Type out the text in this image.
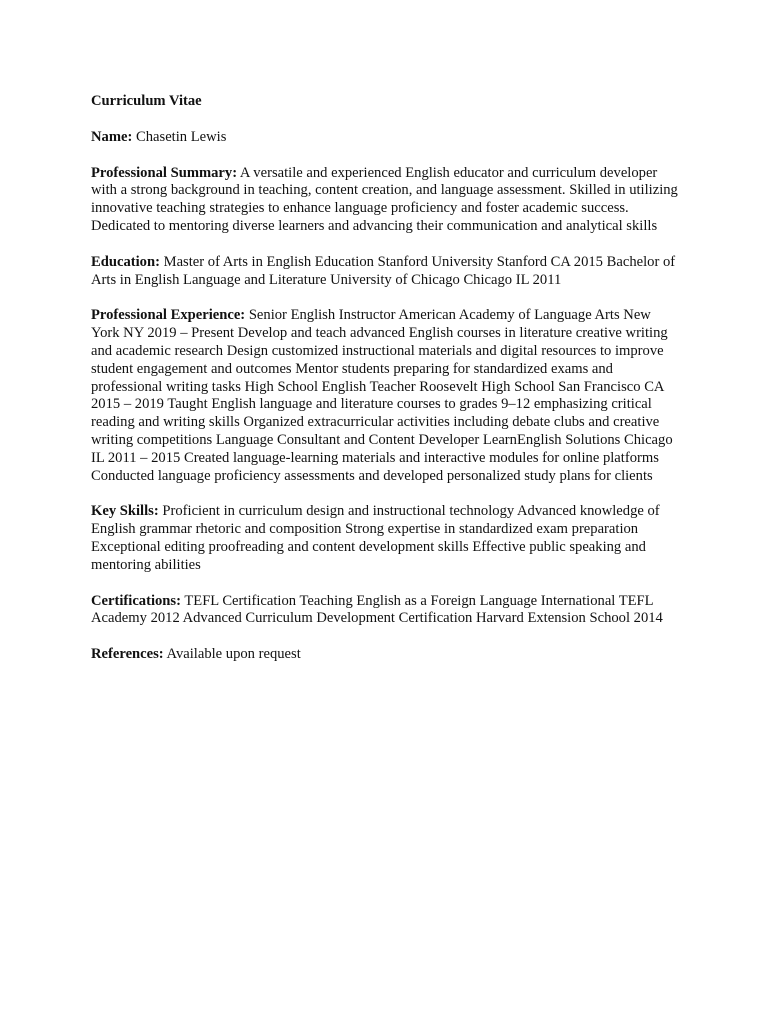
Curriculum Vitae

Name: Chasetin Lewis

Professional Summary: A versatile and experienced English educator and curriculum developer with a strong background in teaching, content creation, and language assessment. Skilled in utilizing innovative teaching strategies to enhance language proficiency and foster academic success. Dedicated to mentoring diverse learners and advancing their communication and analytical skills

Education: Master of Arts in English Education Stanford University Stanford CA 2015 Bachelor of Arts in English Language and Literature University of Chicago Chicago IL 2011

Professional Experience: Senior English Instructor American Academy of Language Arts New York NY 2019 – Present Develop and teach advanced English courses in literature creative writing and academic research Design customized instructional materials and digital resources to improve student engagement and outcomes Mentor students preparing for standardized exams and professional writing tasks High School English Teacher Roosevelt High School San Francisco CA 2015 – 2019 Taught English language and literature courses to grades 9–12 emphasizing critical reading and writing skills Organized extracurricular activities including debate clubs and creative writing competitions Language Consultant and Content Developer LearnEnglish Solutions Chicago IL 2011 – 2015 Created language-learning materials and interactive modules for online platforms Conducted language proficiency assessments and developed personalized study plans for clients

Key Skills: Proficient in curriculum design and instructional technology Advanced knowledge of English grammar rhetoric and composition Strong expertise in standardized exam preparation Exceptional editing proofreading and content development skills Effective public speaking and mentoring abilities

Certifications: TEFL Certification Teaching English as a Foreign Language International TEFL Academy 2012 Advanced Curriculum Development Certification Harvard Extension School 2014

References: Available upon request
